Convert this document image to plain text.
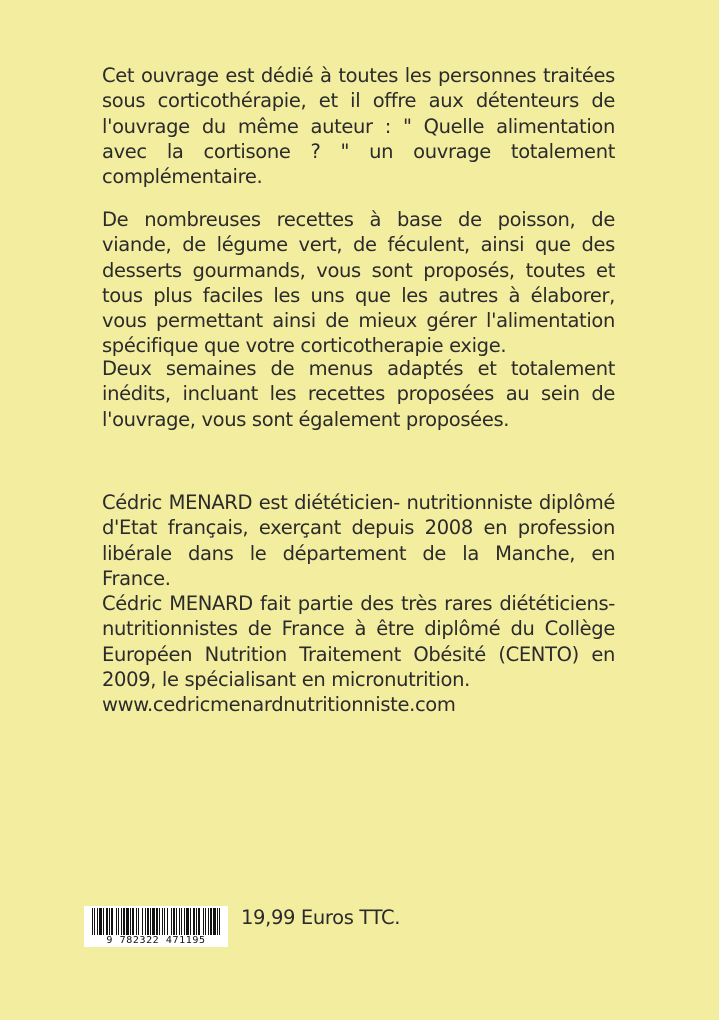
Cet ouvrage est dédié à toutes les personnes traitées sous corticothérapie, et il offre aux détenteurs de l'ouvrage du même auteur : " Quelle alimentation avec la cortisone ? " un ouvrage totalement complémentaire.

De nombreuses recettes à base de poisson, de viande, de légume vert, de féculent, ainsi que des desserts gourmands, vous sont proposés, toutes et tous plus faciles les uns que les autres à élaborer, vous permettant ainsi de mieux gérer l'alimentation spécifique que votre corticotherapie exige.

Deux semaines de menus adaptés et totalement inédits, incluant les recettes proposées au sein de l'ouvrage, vous sont également proposées.

Cédric MENARD est diététicien- nutritionniste diplômé d'Etat français, exerçant depuis 2008 en profession libérale dans le département de la Manche, en France.
Cédric MENARD fait partie des très rares diététiciens-nutritionnistes de France à être diplômé du Collège Européen Nutrition Traitement Obésité (CENTO) en 2009, le spécialisant en micronutrition.
www.cedricmenardnutritionniste.com
9 782322 471195
19,99 Euros TTC.
